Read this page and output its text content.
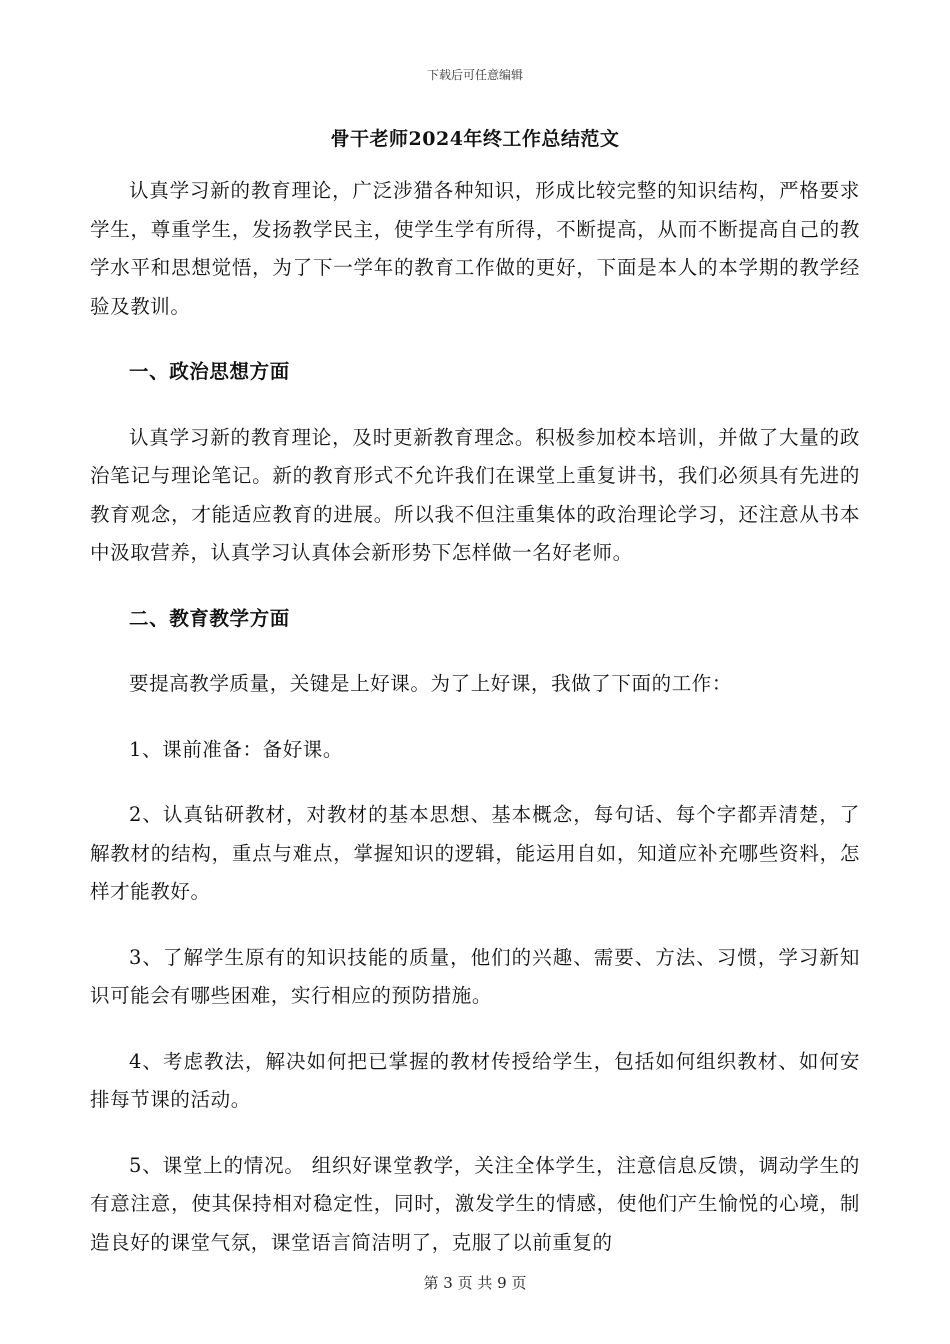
下载后可任意编辑
骨干老师2024年终工作总结范文

认真学习新的教育理论，广泛涉猎各种知识，形成比较完整的知识结构，严格要求学生，尊重学生，发扬教学民主，使学生学有所得，不断提高，从而不断提高自己的教学水平和思想觉悟，为了下一学年的教育工作做的更好，下面是本人的本学期的教学经验及教训。

一、政治思想方面

认真学习新的教育理论，及时更新教育理念。积极参加校本培训，并做了大量的政治笔记与理论笔记。新的教育形式不允许我们在课堂上重复讲书，我们必须具有先进的教育观念，才能适应教育的进展。所以我不但注重集体的政治理论学习，还注意从书本中汲取营养，认真学习认真体会新形势下怎样做一名好老师。

二、教育教学方面

要提高教学质量，关键是上好课。为了上好课，我做了下面的工作：

1、课前准备：备好课。

2、认真钻研教材，对教材的基本思想、基本概念，每句话、每个字都弄清楚，了解教材的结构，重点与难点，掌握知识的逻辑，能运用自如，知道应补充哪些资料，怎样才能教好。

3、了解学生原有的知识技能的质量，他们的兴趣、需要、方法、习惯，学习新知识可能会有哪些困难，实行相应的预防措施。

4、考虑教法，解决如何把已掌握的教材传授给学生，包括如何组织教材、如何安排每节课的活动。

5、课堂上的情况。 组织好课堂教学，关注全体学生，注意信息反馈，调动学生的有意注意，使其保持相对稳定性，同时，激发学生的情感，使他们产生愉悦的心境，制造良好的课堂气氛，课堂语言简洁明了，克服了以前重复的

第 3 页 共 9 页
